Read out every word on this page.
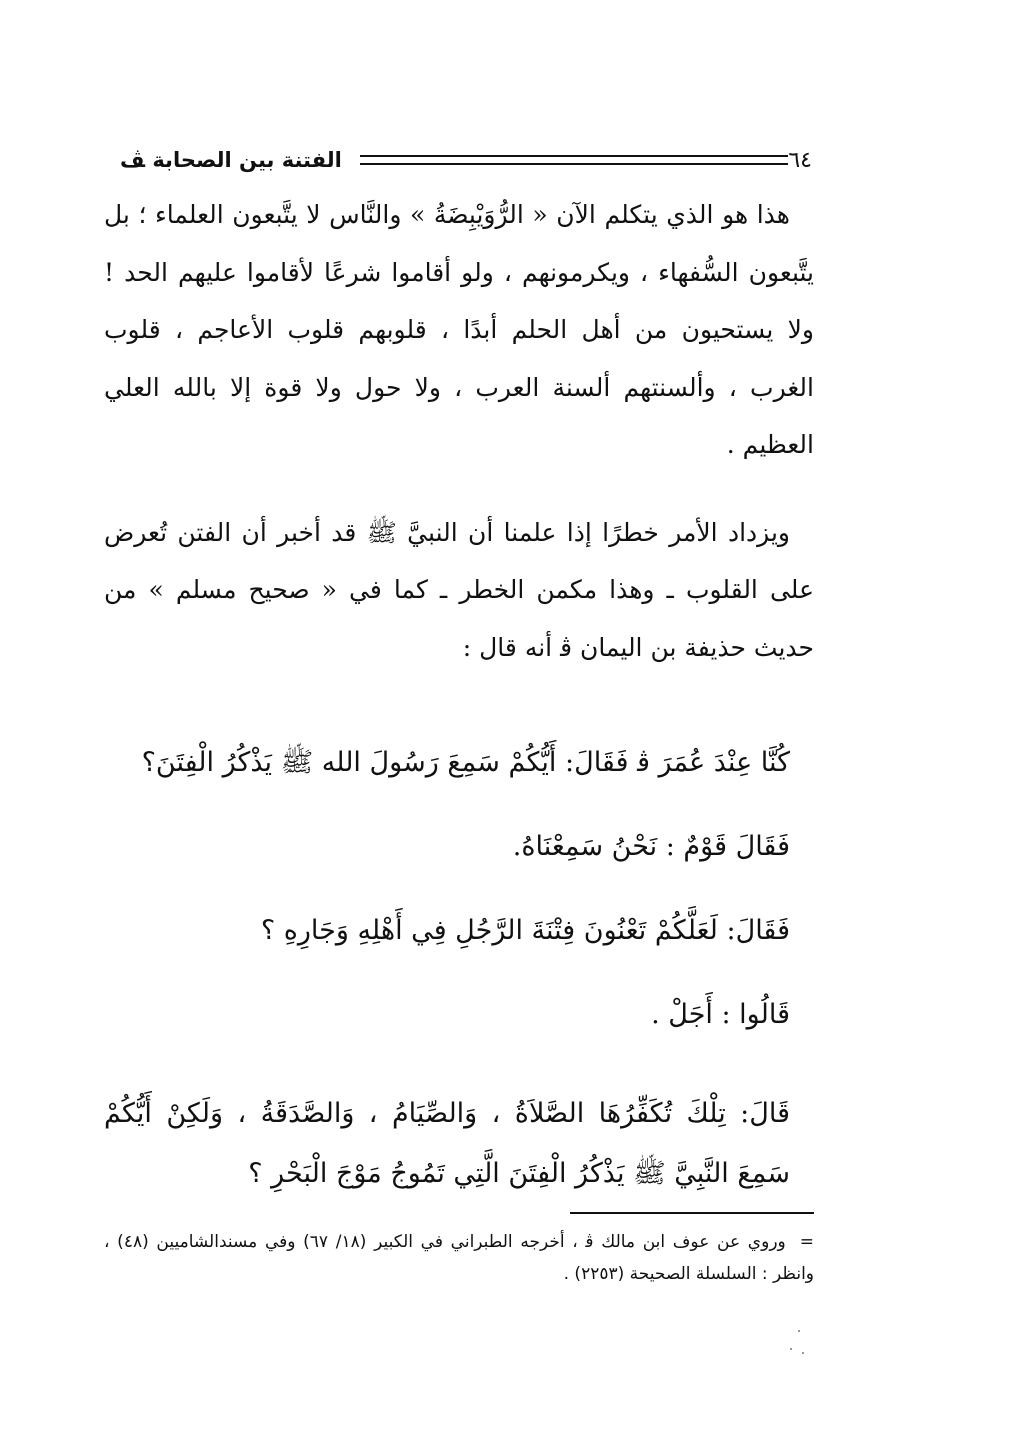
٦٤
الفتنة بين الصحابة ﭫ

هذا هو الذي يتكلم الآن « الرُّوَيْبِضَةُ » والنَّاس لا يتَّبعون العلماء ؛ بل يتَّبعون السُّفهاء ، ويكرمونهم ، ولو أقاموا شرعًا لأقاموا عليهم الحد ! ولا يستحيون من أهل الحلم أبدًا ، قلوبهم قلوب الأعاجم ، قلوب الغرب ، وألسنتهم ألسنة العرب ، ولا حول ولا قوة إلا بالله العلي العظيم .

ويزداد الأمر خطرًا إذا علمنا أن النبيَّ ﷺ قد أخبر أن الفتن تُعرض على القلوب ـ وهذا مكمن الخطر ـ كما في « صحيح مسلم » من حديث حذيفة بن اليمان ﭬ أنه قال :

كُنَّا عِنْدَ عُمَرَ ﭬ فَقَالَ: أَيُّكُمْ سَمِعَ رَسُولَ الله ﷺ يَذْكُرُ الْفِتَنَ؟

فَقَالَ قَوْمٌ : نَحْنُ سَمِعْنَاهُ.

فَقَالَ: لَعَلَّكُمْ تَعْنُونَ فِتْنَةَ الرَّجُلِ فِي أَهْلِهِ وَجَارِهِ ؟

قَالُوا : أَجَلْ .

قَالَ: تِلْكَ تُكَفِّرُهَا الصَّلاَةُ ، وَالصِّيَامُ ، وَالصَّدَقَةُ ، وَلَكِنْ أَيُّكُمْ سَمِعَ النَّبِيَّ ﷺ يَذْكُرُ الْفِتَنَ الَّتِي تَمُوجُ مَوْجَ الْبَحْرِ ؟

=وروي عن عوف ابن مالك ﭬ ، أخرجه الطبراني في الكبير (١٨/ ٦٧) وفي مسندالشاميين (٤٨) ، وانظر : السلسلة الصحيحة (٢٢٥٣) .
